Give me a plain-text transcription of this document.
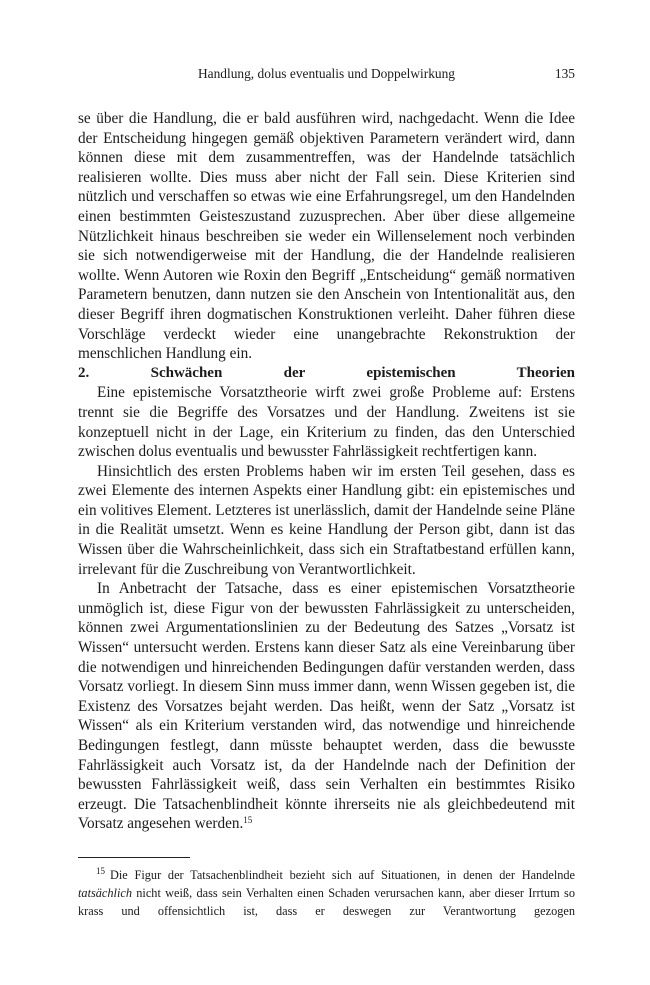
Handlung, dolus eventualis und Doppelwirkung	135

se über die Handlung, die er bald ausführen wird, nachgedacht. Wenn die Idee der Entscheidung hingegen gemäß objektiven Parametern verändert wird, dann können diese mit dem zusammentreffen, was der Handelnde tatsächlich realisieren wollte. Dies muss aber nicht der Fall sein. Diese Kriterien sind nützlich und verschaffen so etwas wie eine Erfahrungsregel, um den Handelnden einen bestimmten Geisteszustand zuzusprechen. Aber über diese allgemeine Nützlichkeit hinaus beschreiben sie weder ein Willenselement noch verbinden sie sich notwendigerweise mit der Handlung, die der Handelnde realisieren wollte. Wenn Autoren wie Roxin den Begriff „Entscheidung“ gemäß normativen Parametern benutzen, dann nutzen sie den Anschein von Intentionalität aus, den dieser Begriff ihren dogmatischen Konstruktionen verleiht. Daher führen diese Vorschläge verdeckt wieder eine unangebrachte Rekonstruktion der menschlichen Handlung ein.

2. Schwächen der epistemischen Theorien

Eine epistemische Vorsatztheorie wirft zwei große Probleme auf: Erstens trennt sie die Begriffe des Vorsatzes und der Handlung. Zweitens ist sie konzeptuell nicht in der Lage, ein Kriterium zu finden, das den Unterschied zwischen dolus eventualis und bewusster Fahrlässigkeit rechtfertigen kann.

Hinsichtlich des ersten Problems haben wir im ersten Teil gesehen, dass es zwei Elemente des internen Aspekts einer Handlung gibt: ein epistemisches und ein volitives Element. Letzteres ist unerlässlich, damit der Handelnde seine Pläne in die Realität umsetzt. Wenn es keine Handlung der Person gibt, dann ist das Wissen über die Wahrscheinlichkeit, dass sich ein Straftatbestand erfüllen kann, irrelevant für die Zuschreibung von Verantwortlichkeit.

In Anbetracht der Tatsache, dass es einer epistemischen Vorsatztheorie unmöglich ist, diese Figur von der bewussten Fahrlässigkeit zu unterscheiden, können zwei Argumentationslinien zu der Bedeutung des Satzes „Vorsatz ist Wissen“ untersucht werden. Erstens kann dieser Satz als eine Vereinbarung über die notwendigen und hinreichenden Bedingungen dafür verstanden werden, dass Vorsatz vorliegt. In diesem Sinn muss immer dann, wenn Wissen gegeben ist, die Existenz des Vorsatzes bejaht werden. Das heißt, wenn der Satz „Vorsatz ist Wissen“ als ein Kriterium verstanden wird, das notwendige und hinreichende Bedingungen festlegt, dann müsste behauptet werden, dass die bewusste Fahrlässigkeit auch Vorsatz ist, da der Handelnde nach der Definition der bewussten Fahrlässigkeit weiß, dass sein Verhalten ein bestimmtes Risiko erzeugt. Die Tatsachenblindheit könnte ihrerseits nie als gleichbedeutend mit Vorsatz angesehen werden.$^{15}$

$^{15}$ Die Figur der Tatsachenblindheit bezieht sich auf Situationen, in denen der Handelnde tatsächlich nicht weiß, dass sein Verhalten einen Schaden verursachen kann, aber dieser Irrtum so krass und offensichtlich ist, dass er deswegen zur Verantwortung gezogen
